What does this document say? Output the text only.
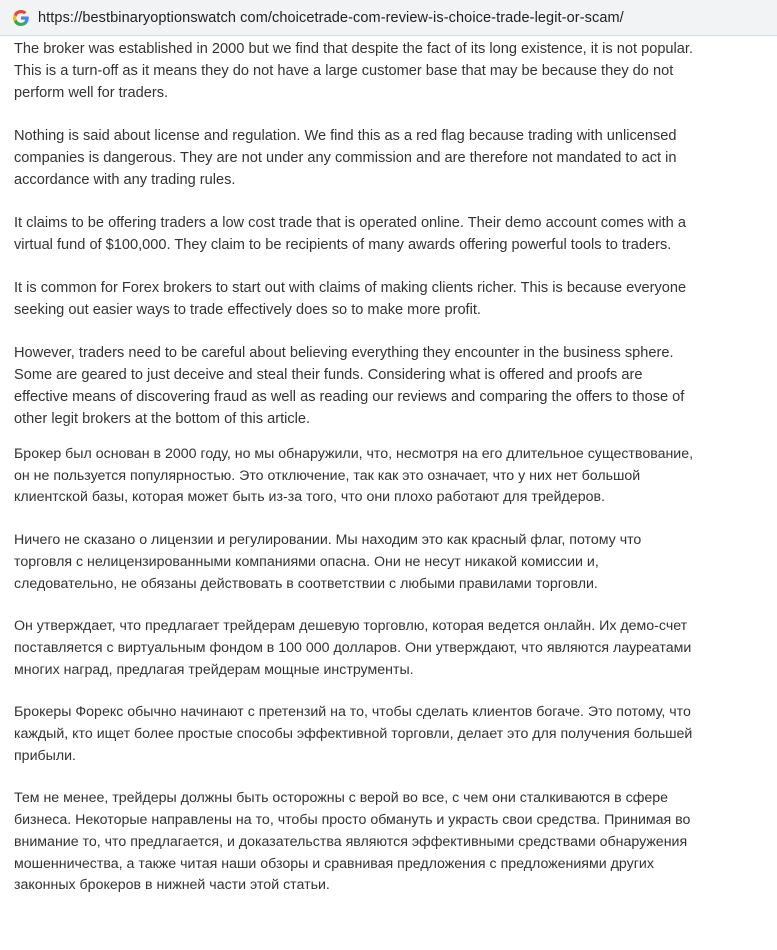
https://bestbinaryoptionswatch com/choicetrade-com-review-is-choice-trade-legit-or-scam/

The broker was established in 2000 but we find that despite the fact of its long existence, it is not popular. This is a turn-off as it means they do not have a large customer base that may be because they do not perform well for traders.

Nothing is said about license and regulation. We find this as a red flag because trading with unlicensed companies is dangerous. They are not under any commission and are therefore not mandated to act in accordance with any trading rules.

It claims to be offering traders a low cost trade that is operated online. Their demo account comes with a virtual fund of $100,000. They claim to be recipients of many awards offering powerful tools to traders.

It is common for Forex brokers to start out with claims of making clients richer. This is because everyone seeking out easier ways to trade effectively does so to make more profit.

However, traders need to be careful about believing everything they encounter in the business sphere. Some are geared to just deceive and steal their funds. Considering what is offered and proofs are effective means of discovering fraud as well as reading our reviews and comparing the offers to those of other legit brokers at the bottom of this article.

Брокер был основан в 2000 году, но мы обнаружили, что, несмотря на его длительное существование, он не пользуется популярностью. Это отключение, так как это означает, что у них нет большой клиентской базы, которая может быть из-за того, что они плохо работают для трейдеров.

Ничего не сказано о лицензии и регулировании. Мы находим это как красный флаг, потому что торговля с нелицензированными компаниями опасна. Они не несут никакой комиссии и, следовательно, не обязаны действовать в соответствии с любыми правилами торговли.

Он утверждает, что предлагает трейдерам дешевую торговлю, которая ведется онлайн. Их демо-счет поставляется с виртуальным фондом в 100 000 долларов. Они утверждают, что являются лауреатами многих наград, предлагая трейдерам мощные инструменты.

Брокеры Форекс обычно начинают с претензий на то, чтобы сделать клиентов богаче. Это потому, что каждый, кто ищет более простые способы эффективной торговли, делает это для получения большей прибыли.

Тем не менее, трейдеры должны быть осторожны с верой во все, с чем они сталкиваются в сфере бизнеса. Некоторые направлены на то, чтобы просто обмануть и украсть свои средства. Принимая во внимание то, что предлагается, и доказательства являются эффективными средствами обнаружения мошенничества, а также читая наши обзоры и сравнивая предложения с предложениями других законных брокеров в нижней части этой статьи.
